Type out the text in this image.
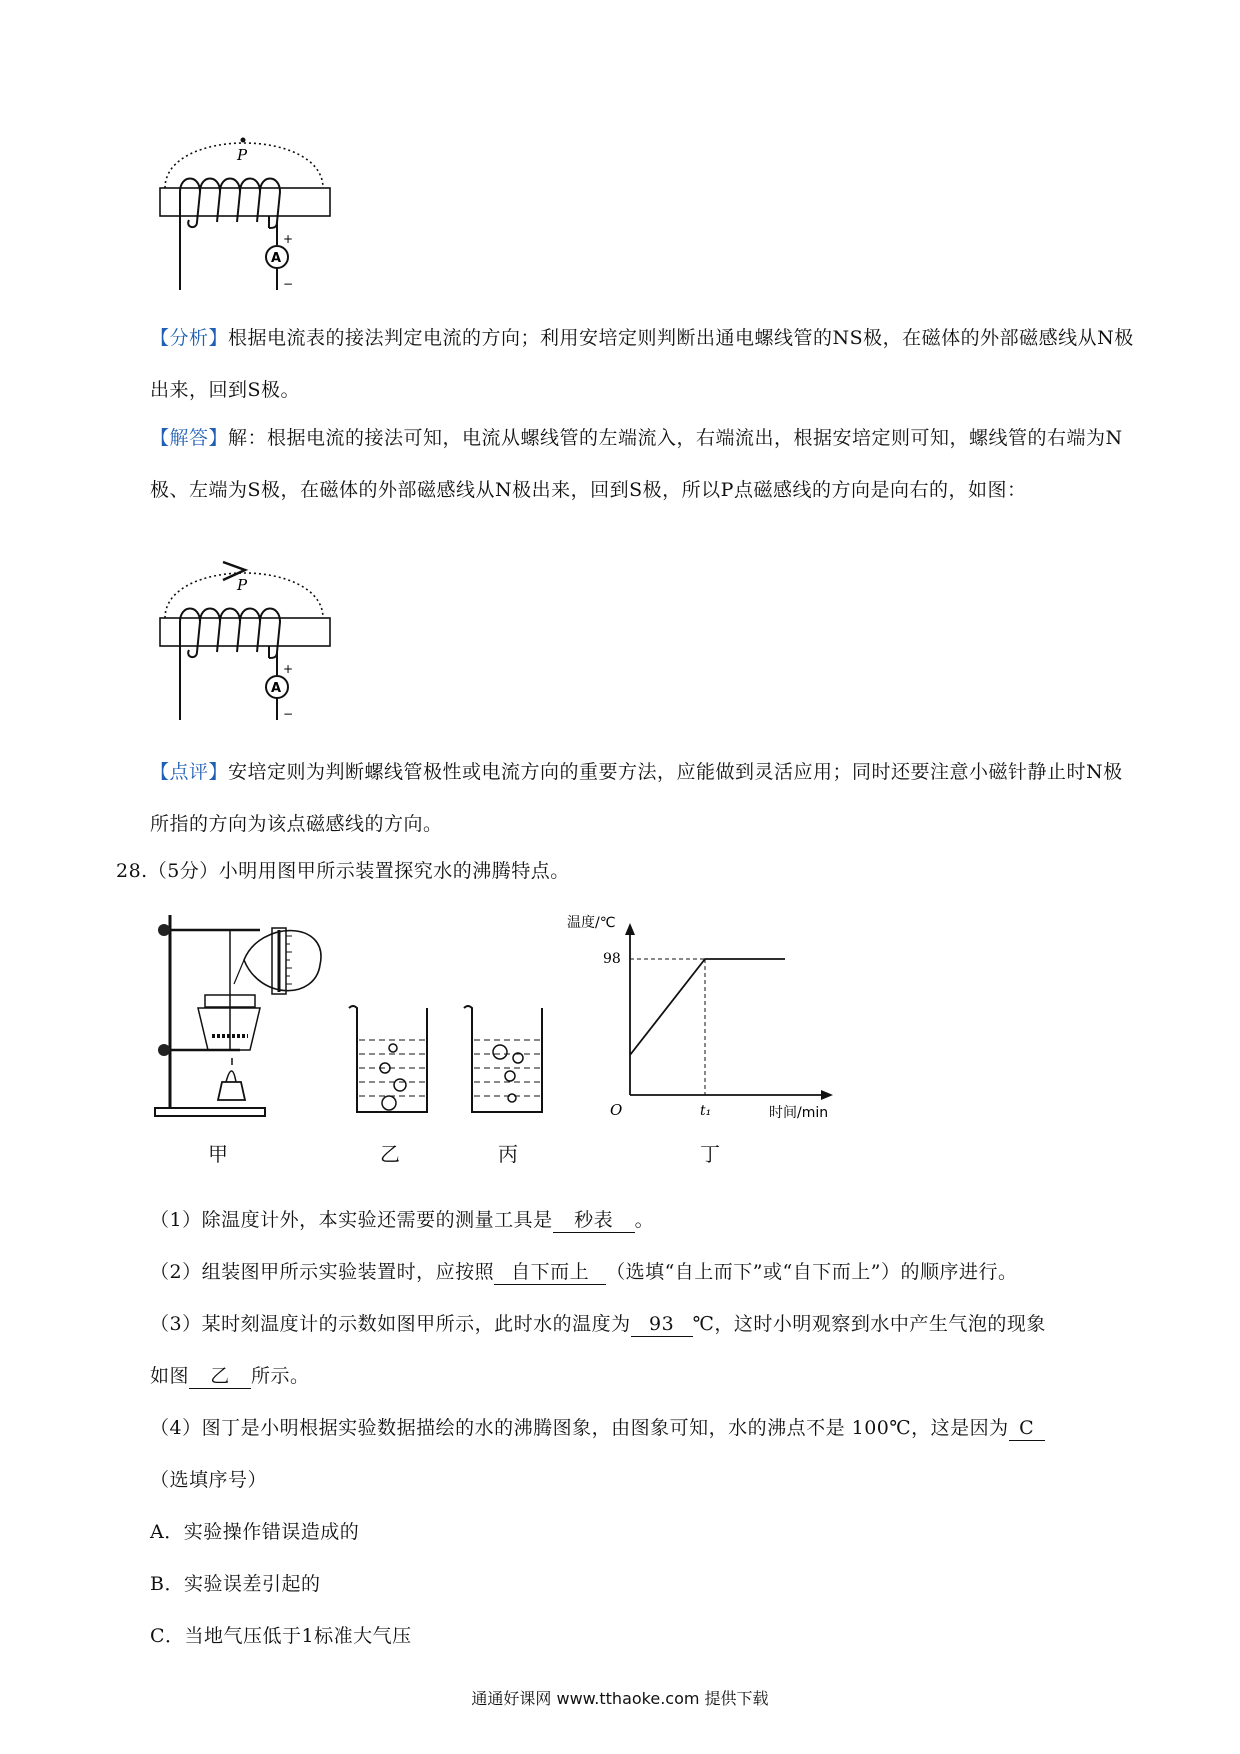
P
A
+
−
【分析】根据电流表的接法判定电流的方向；利用安培定则判断出通电螺线管的NS极，在磁体的外部磁感线从N极出来，回到S极。
【解答】解：根据电流的接法可知，电流从螺线管的左端流入，右端流出，根据安培定则可知，螺线管的右端为N极、左端为S极，在磁体的外部磁感线从N极出来，回到S极，所以P点磁感线的方向是向右的，如图：
P
A
+
−
【点评】安培定则为判断螺线管极性或电流方向的重要方法，应能做到灵活应用；同时还要注意小磁针静止时N极所指的方向为该点磁感线的方向。
28.（5分）小明用图甲所示装置探究水的沸腾特点。
温度/℃
98
O	t₁	时间/min
甲	乙	丙	丁
（1）除温度计外，本实验还需要的测量工具是 秒表 。
（2）组装图甲所示实验装置时，应按照 自下而上 （选填“自上而下”或“自下而上”）的顺序进行。
（3）某时刻温度计的示数如图甲所示，此时水的温度为 93 ℃，这时小明观察到水中产生气泡的现象
如图 乙 所示。
（4）图丁是小明根据实验数据描绘的水的沸腾图象，由图象可知，水的沸点不是 100℃，这是因为 C
（选填序号）
A．实验操作错误造成的
B．实验误差引起的
C．当地气压低于1标准大气压
通通好课网 www.tthaoke.com 提供下载
